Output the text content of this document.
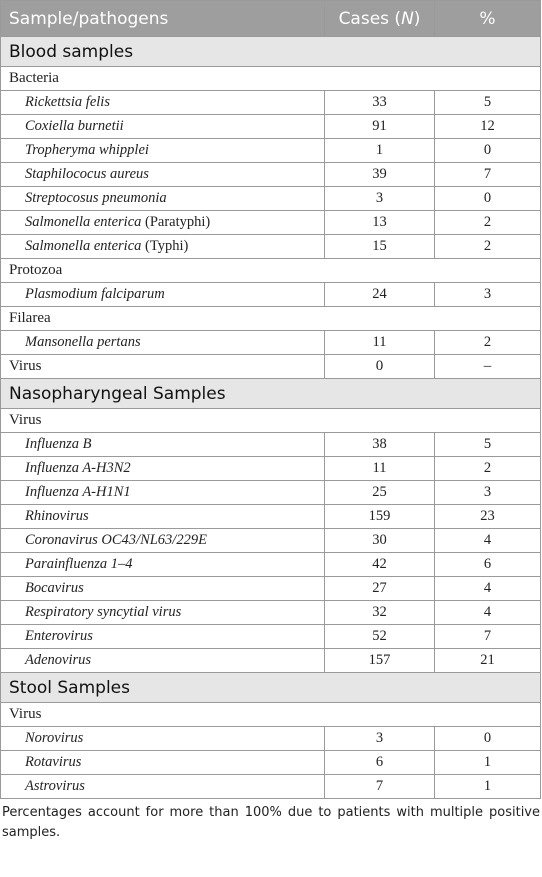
Sample/pathogens	Cases (N)	%
Blood samples		
Bacteria		
Rickettsia felis	33	5
Coxiella burnetii	91	12
Tropheryma whipplei	1	0
Staphilococus aureus	39	7
Streptocosus pneumonia	3	0
Salmonella enterica (Paratyphi)	13	2
Salmonella enterica (Typhi)	15	2
Protozoa		
Plasmodium falciparum	24	3
Filarea		
Mansonella pertans	11	2
Virus	0	–
Nasopharyngeal Samples		
Virus		
Influenza B	38	5
Influenza A-H3N2	11	2
Influenza A-H1N1	25	3
Rhinovirus	159	23
Coronavirus OC43/NL63/229E	30	4
Parainfluenza 1–4	42	6
Bocavirus	27	4
Respiratory syncytial virus	32	4
Enterovirus	52	7
Adenovirus	157	21
Stool Samples		
Virus		
Norovirus	3	0
Rotavirus	6	1
Astrovirus	7	1
Percentages account for more than 100% due to patients with multiple positive samples.
